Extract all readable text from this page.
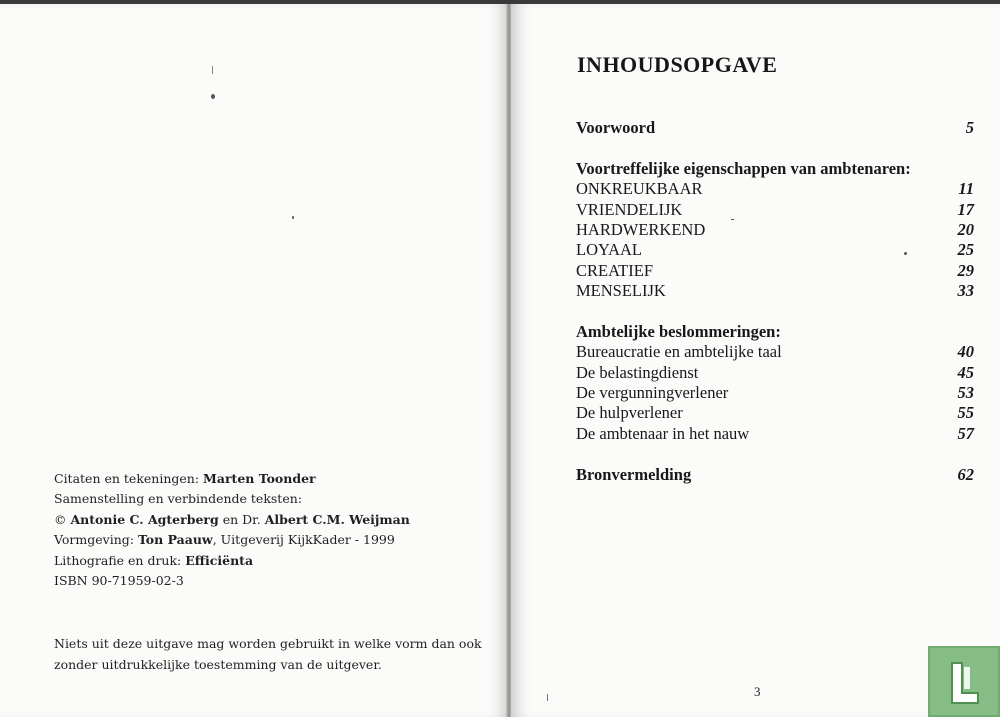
Citaten en tekeningen: Marten Toonder
Samenstelling en verbindende teksten:
© Antonie C. Agterberg en Dr. Albert C.M. Weijman
Vormgeving: Ton Paauw, Uitgeverij KijkKader - 1999
Lithografie en druk: Efficiënta
ISBN 90-71959-02-3
Niets uit deze uitgave mag worden gebruikt in welke vorm dan ook
zonder uitdrukkelijke toestemming van de uitgever.
INHOUDSOPGAVE
Voorwoord	5
Voortreffelijke eigenschappen van ambtenaren:
ONKREUKBAAR	11
VRIENDELIJK	17
HARDWERKEND	20
LOYAAL	25
CREATIEF	29
MENSELIJK	33
Ambtelijke beslommeringen:
Bureaucratie en ambtelijke taal	40
De belastingdienst	45
De vergunningverlener	53
De hulpverlener	55
De ambtenaar in het nauw	57
Bronvermelding	62
3
